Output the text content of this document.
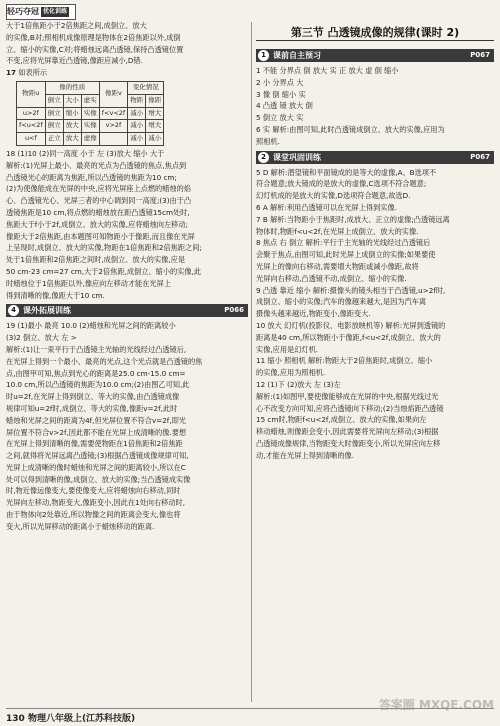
轻巧夺冠 优化训练

大于1倍焦距小于2倍焦距之间,成倒立、放大

的实像,B对;照相机成像原理是物体在2倍焦距以外,成倒

立、缩小的实像,C对;将蜡烛远离凸透镜,保持凸透镜位置

不变,应将光屏靠近凸透镜,像距应减小,D错.

17 如表所示

物距u	像的性质			像距v	变化情况	
	倒立	大小	虚实		物距	像距
u>2f	倒立	缩小	实像	f<v<2f	减小	增大
f<u<2f	倒立	放大	实像	v>2f	减小	增大
u<f	正立	放大	虚像		减小	减小

18 (1)10 (2)同一高度 小于 左 (3)放大 缩小 大于

解析:(1)光屏上最小、最亮的光点为凸透镜的焦点,焦点到

凸透镜光心的距离为焦距,所以凸透镜的焦距为10 cm;

(2)为使像能成在光屏的中央,应将光屏座上点燃的蜡烛的焰

心、凸透镜光心、光屏三者的中心调到同一高度;(3)由于凸

透镜焦距是10 cm,将点燃的蜡烛放在距凸透镜15cm处时,

焦距大于f小于2f,成倒立、放大的实像,应将蜡烛向左移动;

像距大于2倍焦距,由本题图可知物距小于像距,而且像在光屏

上呈现时,成倒立、放大的实像,物距在1倍焦距和2倍焦距之间;

处于1倍焦距和2倍焦距之间时,成倒立、放大的实像,应是

50 cm-23 cm=27 cm,大于2倍焦距,成倒立、缩小的实像,此

时蜡烛位于1倍焦距以外,像应向左移动才能在光屏上

得到清晰的像,像距大于10 cm.

4 课外拓展训练	P066

19 (1)最小 最亮 10.0 (2)蜡烛和光屏之间的距离较小

(3)2 倒立、放大 左 >

解析:(1)让一束平行于凸透镜主光轴的光线经过凸透镜后,

在光屏上得到一个最小、最亮的光点,这个光点就是凸透镜的焦

点,由图甲可知,焦点到光心的距离是25.0 cm-15.0 cm=

10.0 cm,所以凸透镜的焦距为10.0 cm;(2)由图乙可知,此

时u=2f,在光屏上得到倒立、等大的实像,由凸透镜成像

规律可知u=2f时,成倒立、等大的实像,像距v=2f,此时

蜡烛和光屏之间的距离为4f,但光屏位置不符合v=2f,即光

屏位置不符合v>2f,因此都不能在光屏上成清晰的像.要想

在光屏上得到清晰的像,需要使物距在1倍焦距和2倍焦距

之间,就得将光屏远离凸透镜;(3)根据凸透镜成像规律可知,

光屏上成清晰的像时蜡烛和光屏之间的距离较小,所以在C

处可以得到清晰的像,成倒立、放大的实像;当凸透镜成实像

时,物近像远像变大,要使像变大,应将蜡烛向右移动,同时

光屏向左移动,物距变大,像距变小,因此在1处向右移动时,

由于物体向2处靠近,所以物像之间的距离会变大,像也将

变大,所以光屏移动的距离小于蜡烛移动的距离.

第三节 凸透镜成像的规律(课时 2)
1 课前自主预习	P067

1 不能 分界点 倒 放大 实 正 放大 虚 倒 缩小

2 小 分界点 大

3 像 倒 缩小 实

4 凸透 镜 放大 倒

5 倒立 放大 实

6 实 解析:由图可知,此时凸透镜成倒立、放大的实像,应用为

照相机.

2 课堂巩固训练	P067

5 D 解析:潜望镜和平面镜成的是等大的虚像,A、B选项不

符合题意;放大镜成的是放大的虚像,C选项不符合题意;

幻灯机成的是放大的实像,D选项符合题意,故选D.

6 A 解析:利用凸透镜可以在光屏上得到实像.

7 B 解析:当物距小于焦距时,成放大、正立的虚像;凸透镜远离

物体时,物距f<u<2f,在光屏上成倒立、放大的实像.

8 焦点 右 倒立 解析:平行于主光轴的光线经过凸透镜后

会聚于焦点,由图可知,此时光屏上成倒立的实像;如果要使

光屏上的像向右移动,需要增大物距或减小像距,故将

光屏向右移动,凸透镜不动,成倒立、缩小的实像.

9 凸透 靠近 缩小 解析:摄像头的镜头相当于凸透镜,u>2f时,

成倒立、缩小的实像;汽车的像越来越大,是因为汽车离

摄像头越来越近,物距变小,像距变大.

10 放大 幻灯机(投影仪、电影放映机等) 解析:光屏到透镜的

距离是40 cm,所以物距小于像距,f<u<2f,成倒立、放大的

实像,应用是幻灯机.

11 缩小 照相机 解析:物距大于2倍焦距时,成倒立、缩小

的实像,应用为照相机.

12 (1)下 (2)放大 左 (3)左

解析:(1)如图甲,要使像能够成在光屏的中央,根据光线过光

心不改变方向可知,应将凸透镜向下移动;(2)当烛焰距凸透镜

15 cm时,物距f<u<2f,成倒立、放大的实像,如果向左

移动蜡烛,则像距会变小,因此需要将光屏向左移动;(3)根据

凸透镜成像规律,当物距变大时像距变小,所以光屏应向左移

动,才能在光屏上得到清晰的像.

答案圈 MXQE.COM
130 物理八年级上(江苏科技版)
